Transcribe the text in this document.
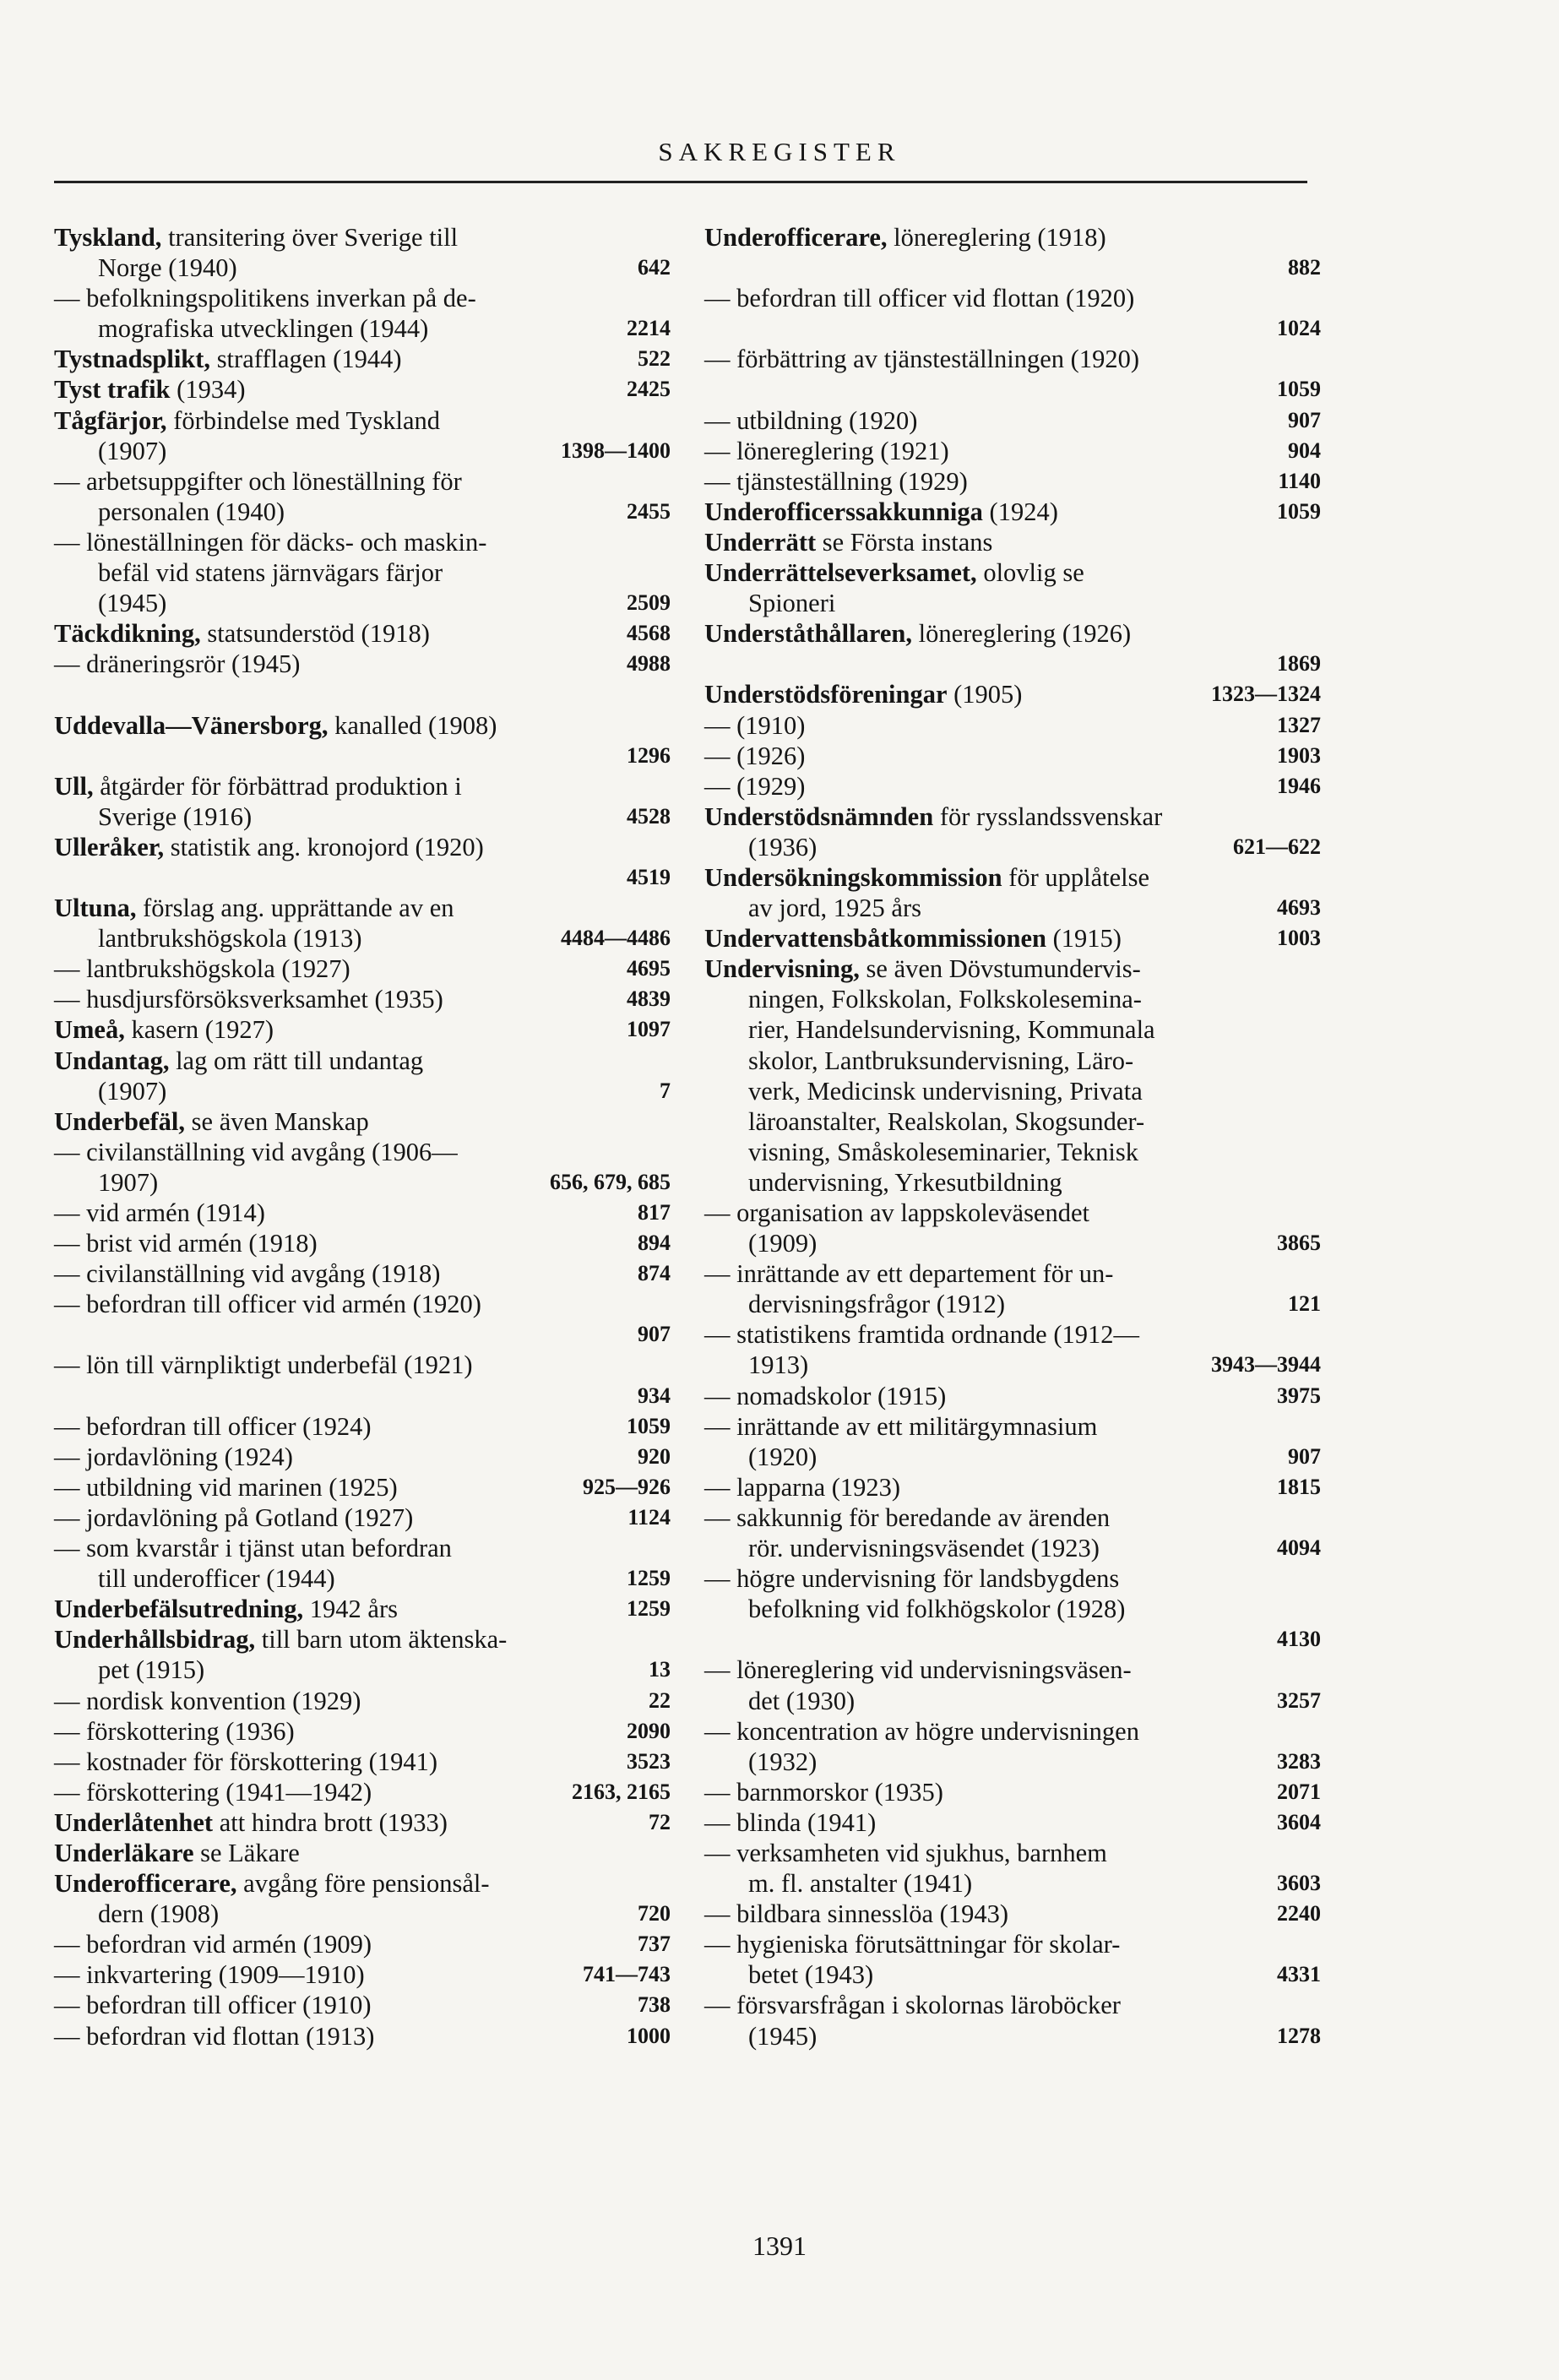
SAKREGISTER
Tyskland, transitering över Sverige till
Norge (1940)	642
— befolkningspolitikens inverkan på de-
mografiska utvecklingen (1944)	2214
Tystnadsplikt, strafflagen (1944)	522
Tyst trafik (1934)	2425
Tågfärjor, förbindelse med Tyskland
(1907)	1398—1400
— arbetsuppgifter och löneställning för
personalen (1940)	2455
— löneställningen för däcks- och maskin-
befäl vid statens järnvägars färjor
(1945)	2509
Täckdikning, statsunderstöd (1918)	4568
— dräneringsrör (1945)	4988
Uddevalla—Vänersborg, kanalled (1908)
1296
Ull, åtgärder för förbättrad produktion i
Sverige (1916)	4528
Ulleråker, statistik ang. kronojord (1920)
4519
Ultuna, förslag ang. upprättande av en
lantbrukshögskola (1913)	4484—4486
— lantbrukshögskola (1927)	4695
— husdjursförsöksverksamhet (1935)	4839
Umeå, kasern (1927)	1097
Undantag, lag om rätt till undantag
(1907)	7
Underbefäl, se även Manskap
— civilanställning vid avgång (1906—
1907)	656, 679, 685
— vid armén (1914)	817
— brist vid armén (1918)	894
— civilanställning vid avgång (1918)	874
— befordran till officer vid armén (1920)
907
— lön till värnpliktigt underbefäl (1921)
934
— befordran till officer (1924)	1059
— jordavlöning (1924)	920
— utbildning vid marinen (1925)	925—926
— jordavlöning på Gotland (1927)	1124
— som kvarstår i tjänst utan befordran
till underofficer (1944)	1259
Underbefälsutredning, 1942 års	1259
Underhållsbidrag, till barn utom äktenska-
pet (1915)	13
— nordisk konvention (1929)	22
— förskottering (1936)	2090
— kostnader för förskottering (1941)	3523
— förskottering (1941—1942)	2163, 2165
Underlåtenhet att hindra brott (1933)	72
Underläkare se Läkare
Underofficerare, avgång före pensionsål-
dern (1908)	720
— befordran vid armén (1909)	737
— inkvartering (1909—1910)	741—743
— befordran till officer (1910)	738
— befordran vid flottan (1913)	1000
Underofficerare, lönereglering (1918)
882
— befordran till officer vid flottan (1920)
1024
— förbättring av tjänsteställningen (1920)
1059
— utbildning (1920)	907
— lönereglering (1921)	904
— tjänsteställning (1929)	1140
Underofficerssakkunniga (1924)	1059
Underrätt se Första instans
Underrättelseverksamet, olovlig se
Spioneri
Underståthållaren, lönereglering (1926)
1869
Understödsföreningar (1905)	1323—1324
— (1910)	1327
— (1926)	1903
— (1929)	1946
Understödsnämnden för rysslandssvenskar
(1936)	621—622
Undersökningskommission för upplåtelse
av jord, 1925 års	4693
Undervattensbåtkommissionen (1915)	1003
Undervisning, se även Dövstumundervis-
ningen, Folkskolan, Folkskolesemina-
rier, Handelsundervisning, Kommunala
skolor, Lantbruksundervisning, Läro-
verk, Medicinsk undervisning, Privata
läroanstalter, Realskolan, Skogsunder-
visning, Småskoleseminarier, Teknisk
undervisning, Yrkesutbildning
— organisation av lappskoleväsendet
(1909)	3865
— inrättande av ett departement för un-
dervisningsfrågor (1912)	121
— statistikens framtida ordnande (1912—
1913)	3943—3944
— nomadskolor (1915)	3975
— inrättande av ett militärgymnasium
(1920)	907
— lapparna (1923)	1815
— sakkunnig för beredande av ärenden
rör. undervisningsväsendet (1923)	4094
— högre undervisning för landsbygdens
befolkning vid folkhögskolor (1928)
4130
— lönereglering vid undervisningsväsen-
det (1930)	3257
— koncentration av högre undervisningen
(1932)	3283
— barnmorskor (1935)	2071
— blinda (1941)	3604
— verksamheten vid sjukhus, barnhem
m. fl. anstalter (1941)	3603
— bildbara sinnesslöa (1943)	2240
— hygieniska förutsättningar för skolar-
betet (1943)	4331
— försvarsfrågan i skolornas läroböcker
(1945)	1278
1391
